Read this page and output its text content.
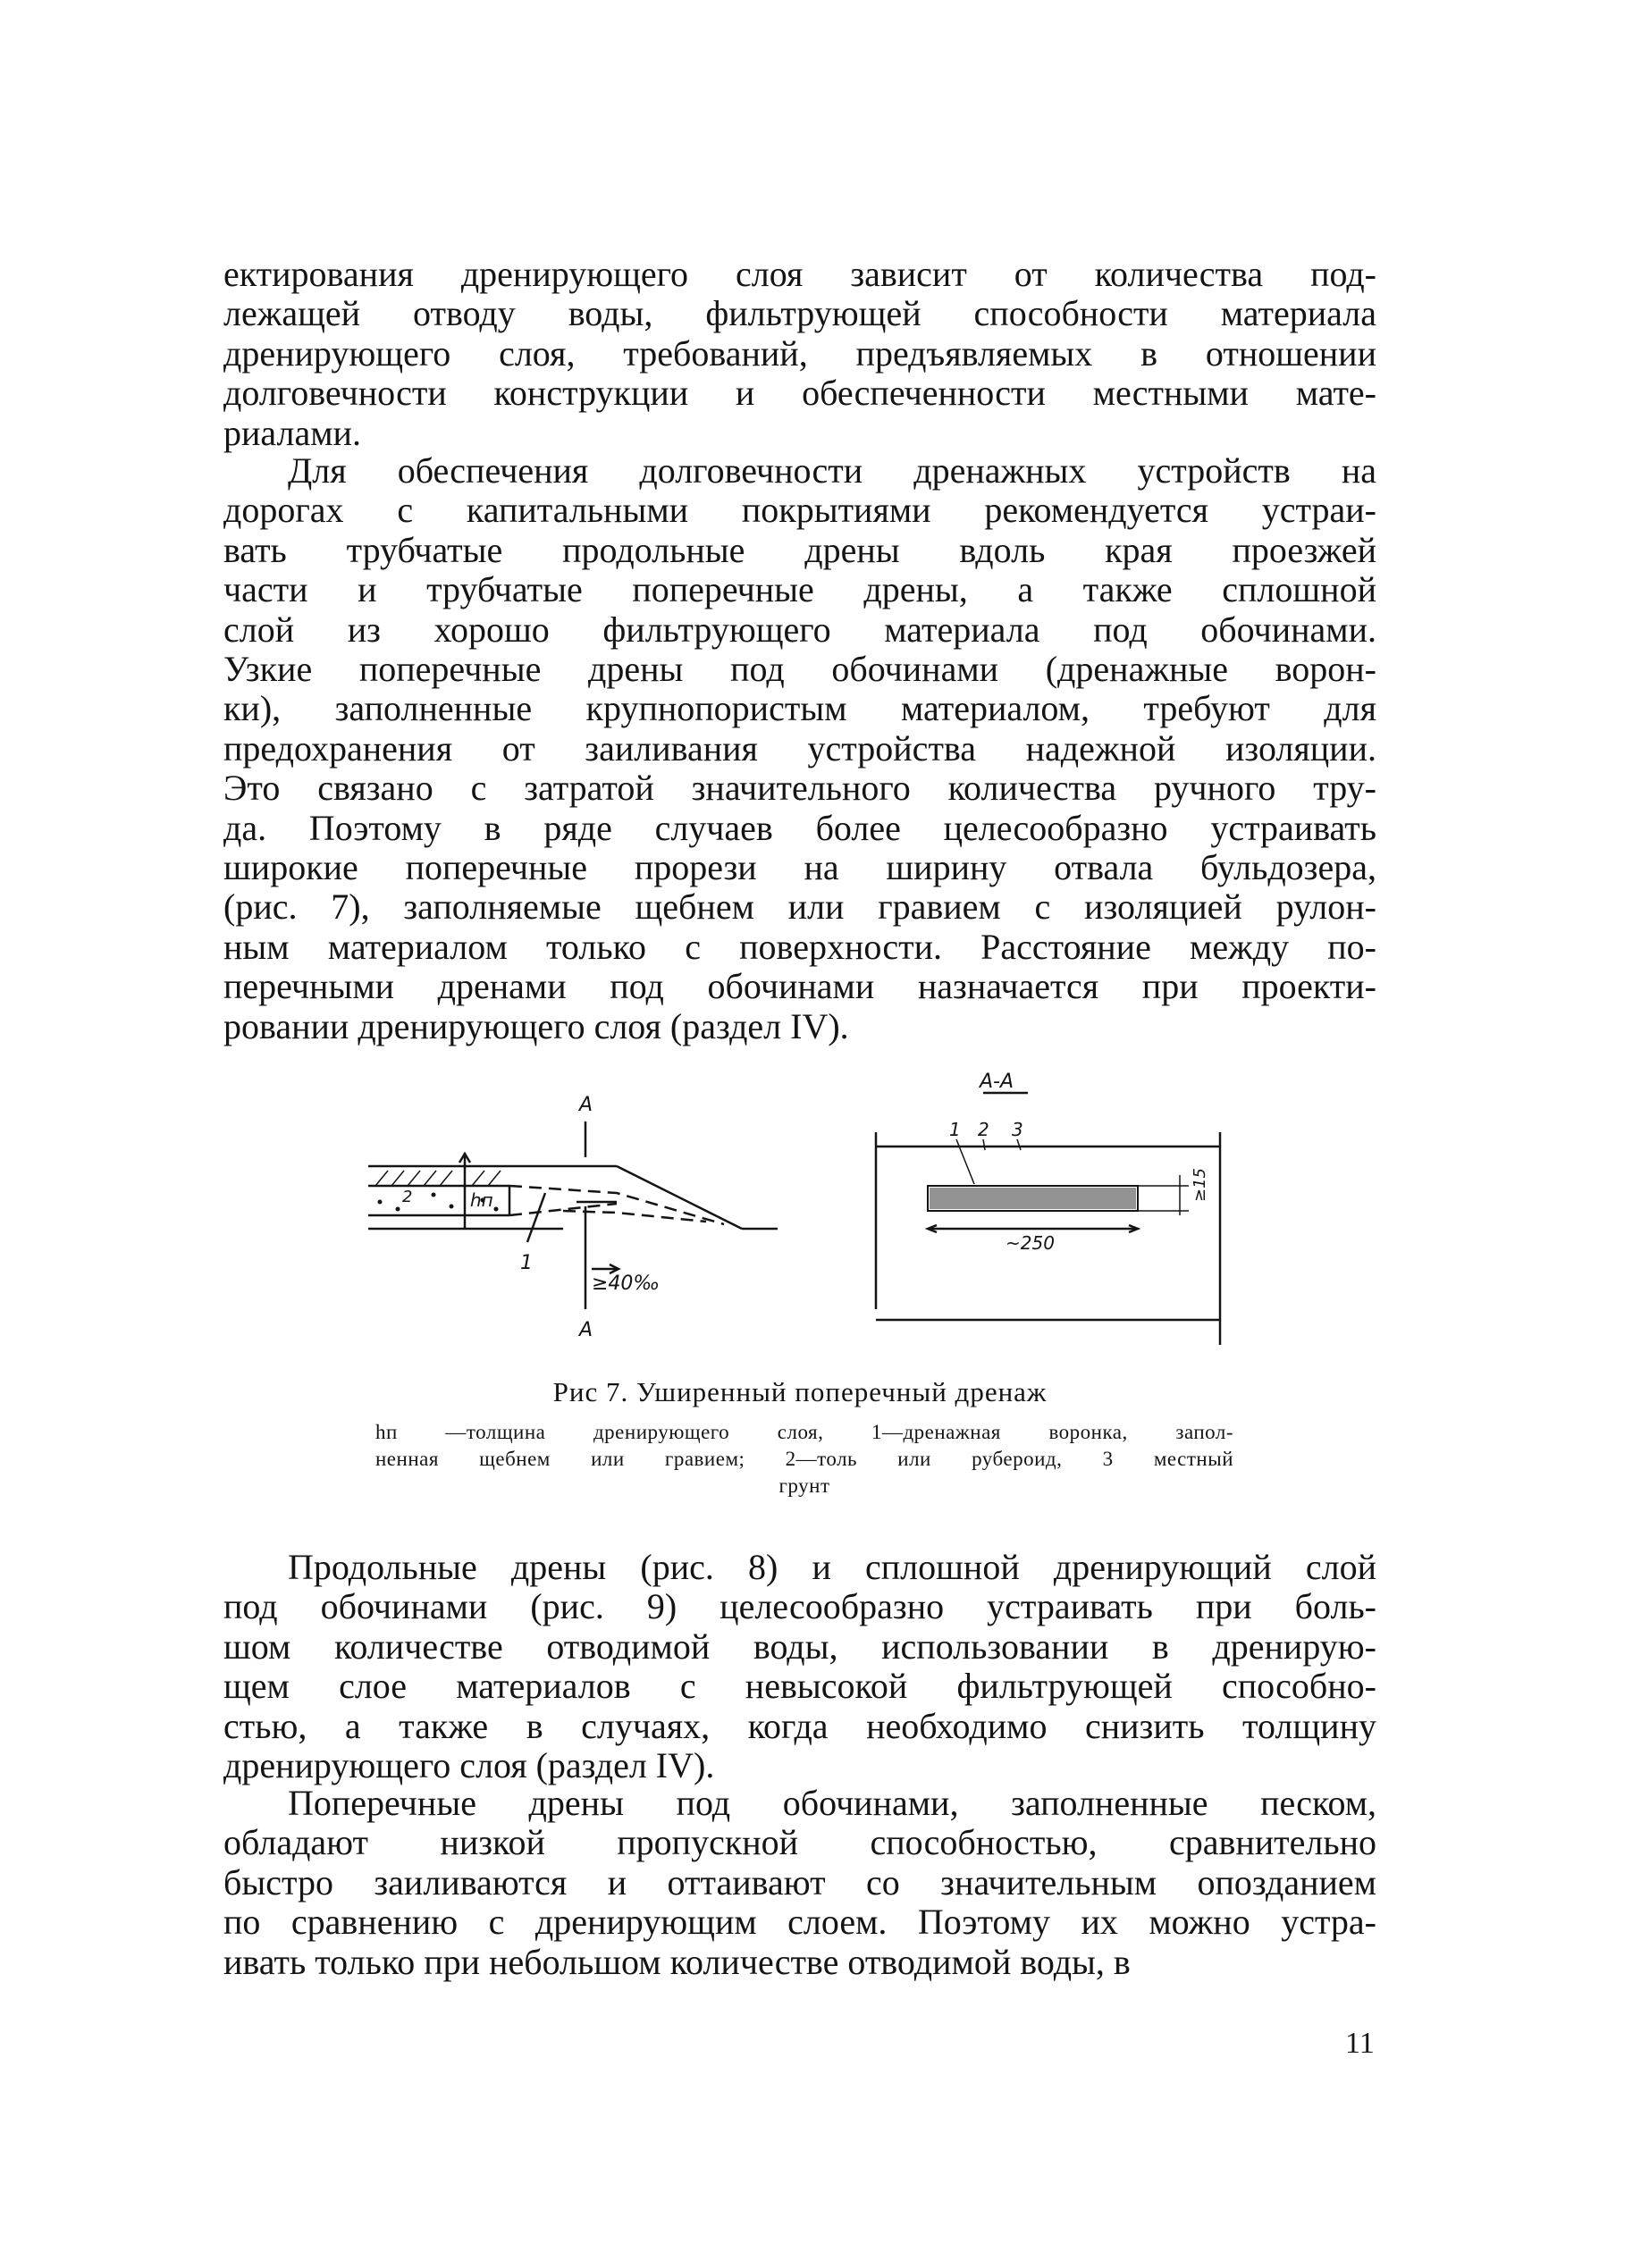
ектирования дренирующего слоя зависит от количества под-
лежащей отводу воды, фильтрующей способности материала
дренирующего слоя, требований, предъявляемых в отношении
долговечности конструкции и обеспеченности местными мате-
риалами.

Для обеспечения долговечности дренажных устройств на
дорогах с капитальными покрытиями рекомендуется устраи-
вать трубчатые продольные дрены вдоль края проезжей
части и трубчатые поперечные дрены, а также сплошной
слой из хорошо фильтрующего материала под обочинами.
Узкие поперечные дрены под обочинами (дренажные ворон-
ки), заполненные крупнопористым материалом, требуют для
предохранения от заиливания устройства надежной изоляции.
Это связано с затратой значительного количества ручного тру-
да. Поэтому в ряде случаев более целесообразно устраивать
широкие поперечные прорези на ширину отвала бульдозера,
(рис. 7), заполняемые щебнем или гравием с изоляцией рулон-
ным материалом только с поверхности. Расстояние между по-
перечными дренами под обочинами назначается при проекти-
ровании дренирующего слоя (раздел IV).

А
А
hп
2
1
≥40‰
А-А
1 2 3
~250
≥15
Рис 7. Уширенный поперечный дренаж
hп —толщина дренирующего слоя, 1—дренажная воронка, запол-
ненная щебнем или гравием; 2—толь или рубероид, 3 местный
грунт

Продольные дрены (рис. 8) и сплошной дренирующий слой
под обочинами (рис. 9) целесообразно устраивать при боль-
шом количестве отводимой воды, использовании в дренирую-
щем слое материалов с невысокой фильтрующей способно-
стью, а также в случаях, когда необходимо снизить толщину
дренирующего слоя (раздел IV).

Поперечные дрены под обочинами, заполненные песком,
обладают низкой пропускной способностью, сравнительно
быстро заиливаются и оттаивают со значительным опозданием
по сравнению с дренирующим слоем. Поэтому их можно устра-
ивать только при небольшом количестве отводимой воды, в

11
